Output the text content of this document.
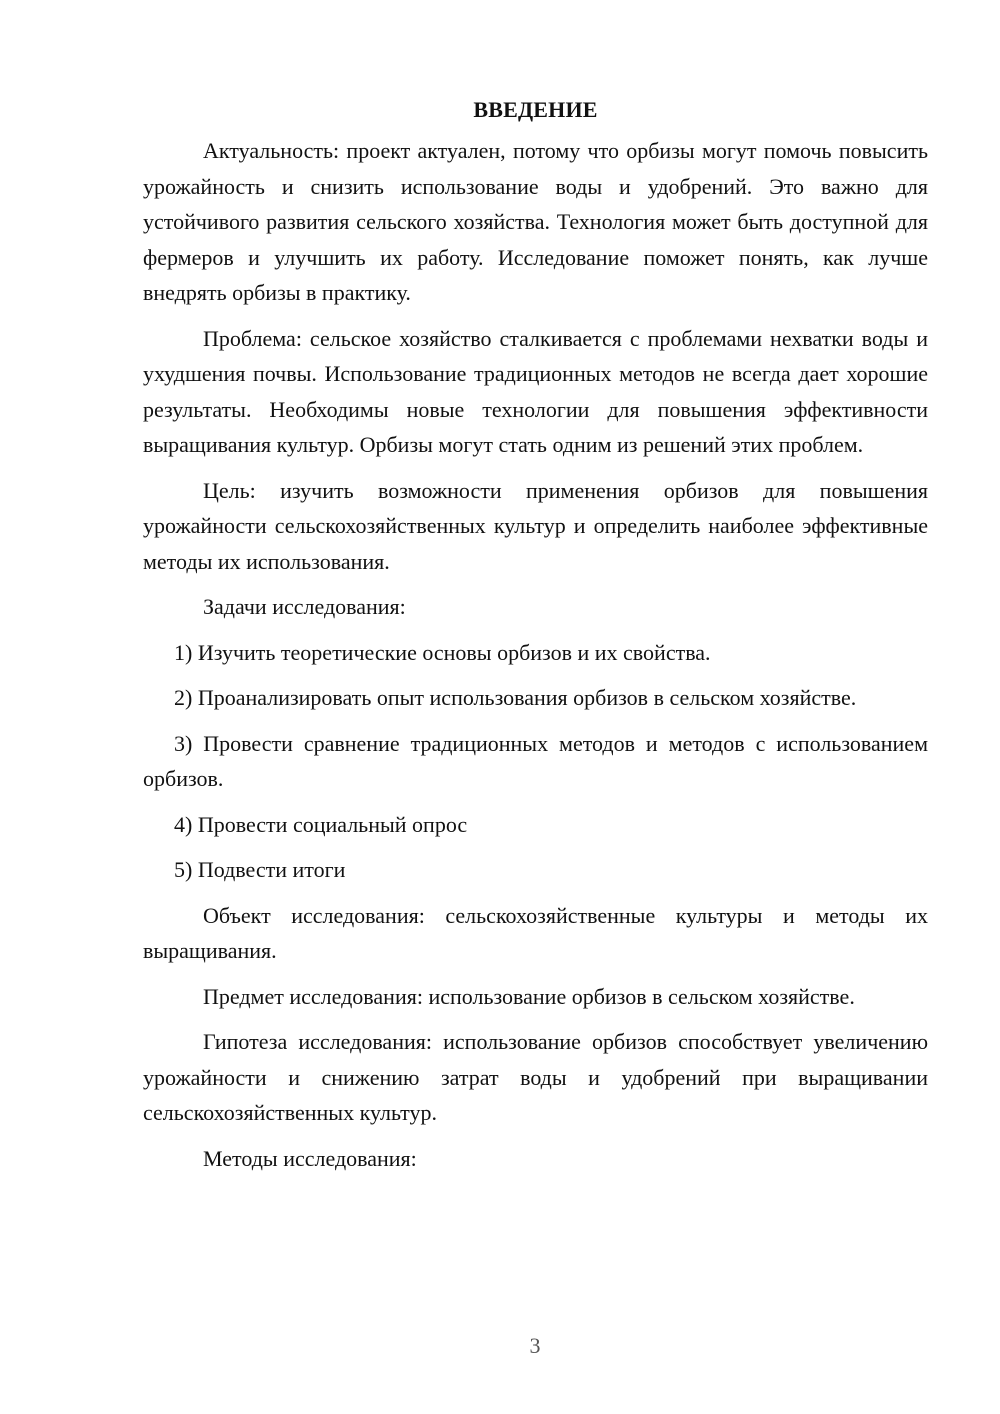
ВВЕДЕНИЕ

Актуальность: проект актуален, потому что орбизы могут помочь повысить урожайность и снизить использование воды и удобрений. Это важно для устойчивого развития сельского хозяйства. Технология может быть доступной для фермеров и улучшить их работу. Исследование поможет понять, как лучше внедрять орбизы в практику.

Проблема: сельское хозяйство сталкивается с проблемами нехватки воды и ухудшения почвы. Использование традиционных методов не всегда дает хорошие результаты. Необходимы новые технологии для повышения эффективности выращивания культур. Орбизы могут стать одним из решений этих проблем.

Цель: изучить возможности применения орбизов для повышения урожайности сельскохозяйственных культур и определить наиболее эффективные методы их использования.

Задачи исследования:

1) Изучить теоретические основы орбизов и их свойства.

2) Проанализировать опыт использования орбизов в сельском хозяйстве.

3) Провести сравнение традиционных методов и методов с использованием орбизов.

4) Провести социальный опрос

5) Подвести итоги

Объект исследования: сельскохозяйственные культуры и методы их выращивания.

Предмет исследования: использование орбизов в сельском хозяйстве.

Гипотеза исследования: использование орбизов способствует увеличению урожайности и снижению затрат воды и удобрений при выращивании сельскохозяйственных культур.

Методы исследования:

3
